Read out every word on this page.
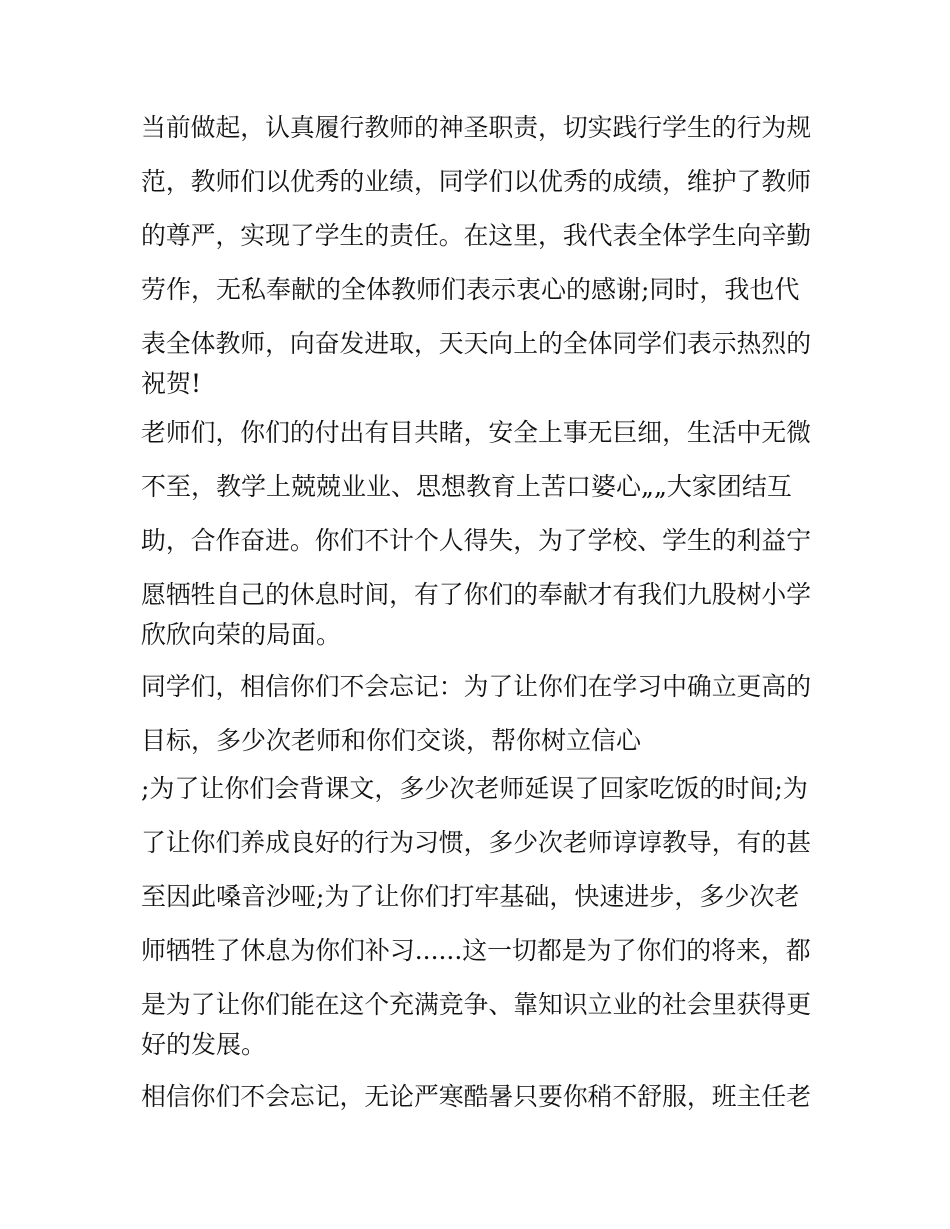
当前做起，认真履行教师的神圣职责，切实践行学生的行为规
范，教师们以优秀的业绩，同学们以优秀的成绩，维护了教师
的尊严，实现了学生的责任。在这里，我代表全体学生向辛勤
劳作，无私奉献的全体教师们表示衷心的感谢;同时，我也代
表全体教师，向奋发进取，天天向上的全体同学们表示热烈的
祝贺!
老师们，你们的付出有目共睹，安全上事无巨细，生活中无微
不至，教学上兢兢业业、思想教育上苦口婆心„„大家团结互
助，合作奋进。你们不计个人得失，为了学校、学生的利益宁
愿牺牲自己的休息时间，有了你们的奉献才有我们九股树小学
欣欣向荣的局面。
同学们，相信你们不会忘记：为了让你们在学习中确立更高的
目标，多少次老师和你们交谈，帮你树立信心
;为了让你们会背课文，多少次老师延误了回家吃饭的时间;为
了让你们养成良好的行为习惯，多少次老师谆谆教导，有的甚
至因此嗓音沙哑;为了让你们打牢基础，快速进步，多少次老
师牺牲了休息为你们补习......这一切都是为了你们的将来，都
是为了让你们能在这个充满竞争、靠知识立业的社会里获得更
好的发展。
相信你们不会忘记，无论严寒酷暑只要你稍不舒服，班主任老
